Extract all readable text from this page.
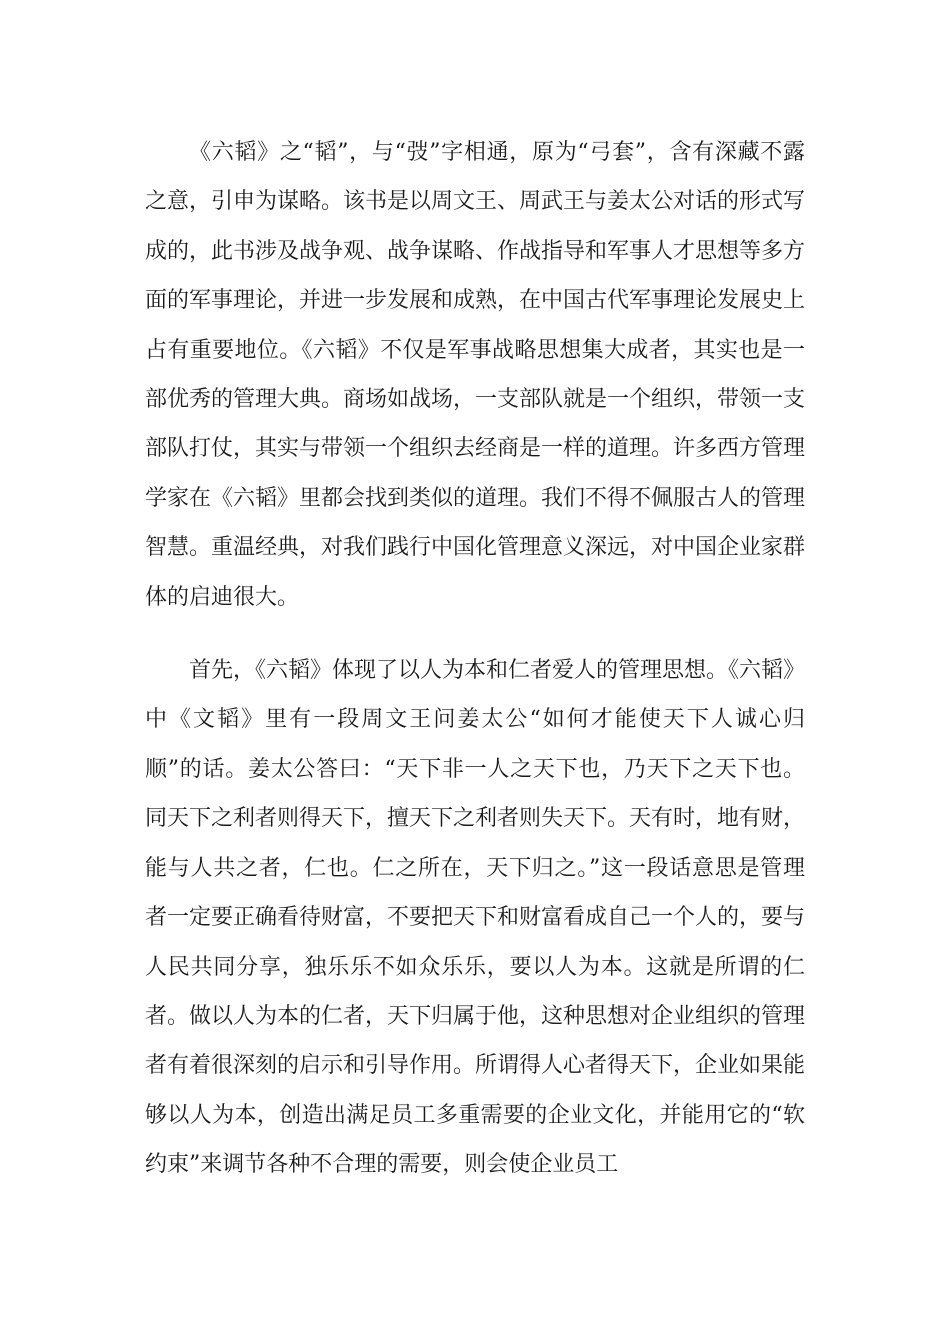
《六韬》之“韬”，与“弢”字相通，原为“弓套”，含有深藏不露之意，引申为谋略。该书是以周文王、周武王与姜太公对话的形式写成的，此书涉及战争观、战争谋略、作战指导和军事人才思想等多方面的军事理论，并进一步发展和成熟，在中国古代军事理论发展史上占有重要地位。《六韬》不仅是军事战略思想集大成者，其实也是一部优秀的管理大典。商场如战场，一支部队就是一个组织，带领一支部队打仗，其实与带领一个组织去经商是一样的道理。许多西方管理学家在《六韬》里都会找到类似的道理。我们不得不佩服古人的管理智慧。重温经典，对我们践行中国化管理意义深远，对中国企业家群体的启迪很大。

首先，《六韬》体现了以人为本和仁者爱人的管理思想。《六韬》中《文韬》里有一段周文王问姜太公“如何才能使天下人诚心归顺”的话。姜太公答曰：“天下非一人之天下也，乃天下之天下也。同天下之利者则得天下，擅天下之利者则失天下。天有时，地有财，能与人共之者，仁也。仁之所在，天下归之。”这一段话意思是管理者一定要正确看待财富，不要把天下和财富看成自己一个人的，要与人民共同分享，独乐乐不如众乐乐，要以人为本。这就是所谓的仁者。做以人为本的仁者，天下归属于他，这种思想对企业组织的管理者有着很深刻的启示和引导作用。所谓得人心者得天下，企业如果能够以人为本，创造出满足员工多重需要的企业文化，并能用它的“软约束”来调节各种不合理的需要，则会使企业员工
